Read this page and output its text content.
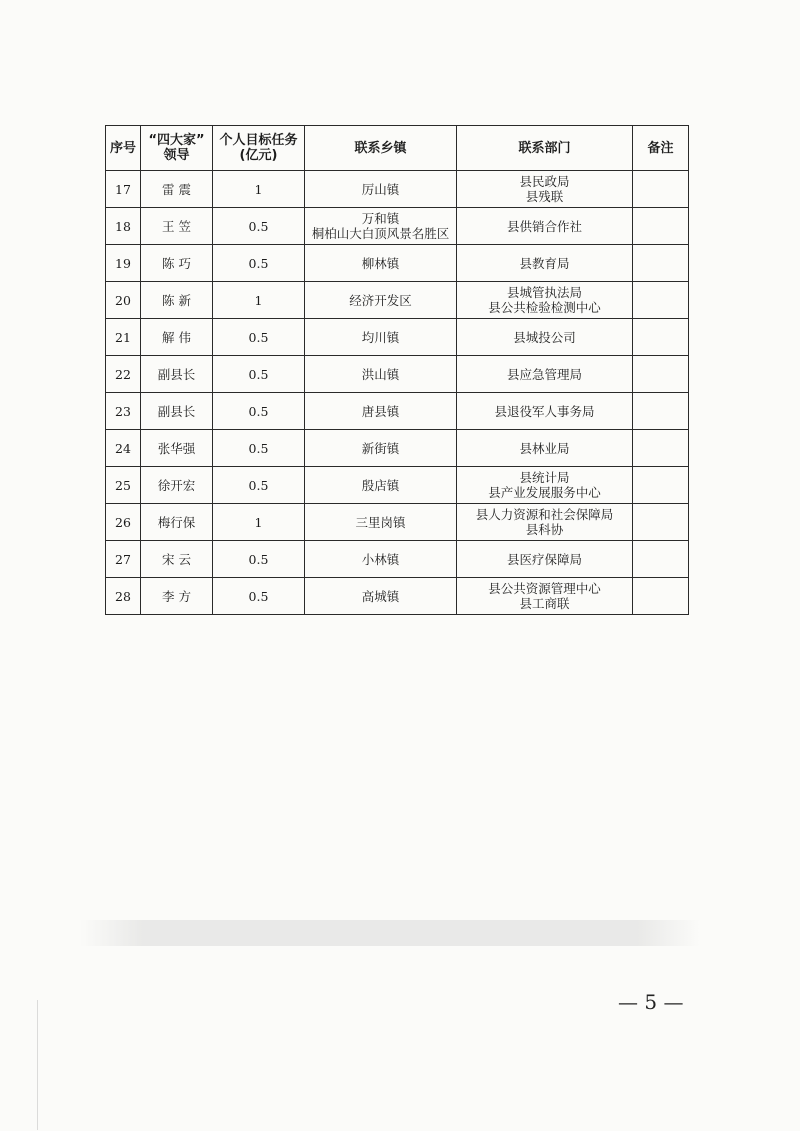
序号	“四大家” 领导	个人目标任务 (亿元)	联系乡镇	联系部门	备注
17	雷 震	1	厉山镇	县民政局
县残联	

18	王 笠	0.5	万和镇
桐柏山大白顶风景名胜区	县供销合作社	

19	陈 巧	0.5	柳林镇	县教育局	

20	陈 新	1	经济开发区	县城管执法局
县公共检验检测中心	

21	解 伟	0.5	均川镇	县城投公司	

22	副县长	0.5	洪山镇	县应急管理局	

23	副县长	0.5	唐县镇	县退役军人事务局	

24	张华强	0.5	新街镇	县林业局	

25	徐开宏	0.5	殷店镇	县统计局
县产业发展服务中心	

26	梅行保	1	三里岗镇	县人力资源和社会保障局
县科协	

27	宋 云	0.5	小林镇	县医疗保障局	

28	李 方	0.5	高城镇	县公共资源管理中心
县工商联	

— 5 —
